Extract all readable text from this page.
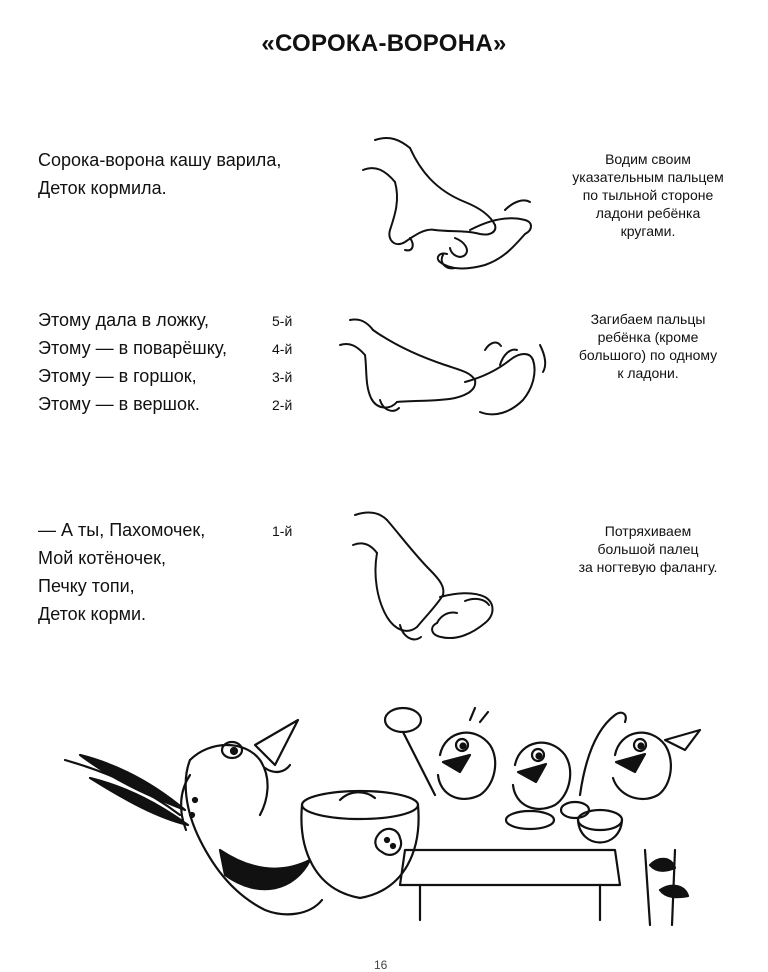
«СОРОКА-ВОРОНА»
Сорока-ворона кашу варила,
Деток кормила.
Водим своим
указательным пальцем
по тыльной стороне
ладони ребёнка
кругами.
Этому дала в ложку,
Этому — в поварёшку,
Этому — в горшок,
Этому — в вершок.
5-й
4-й
3-й
2-й
Загибаем пальцы
ребёнка (кроме
большого) по одному
к ладони.
— А ты, Пахомочек,
Мой котёночек,
Печку топи,
Деток корми.
1-й	Потряхиваем
большой палец
за ногтевую фалангу.
16
